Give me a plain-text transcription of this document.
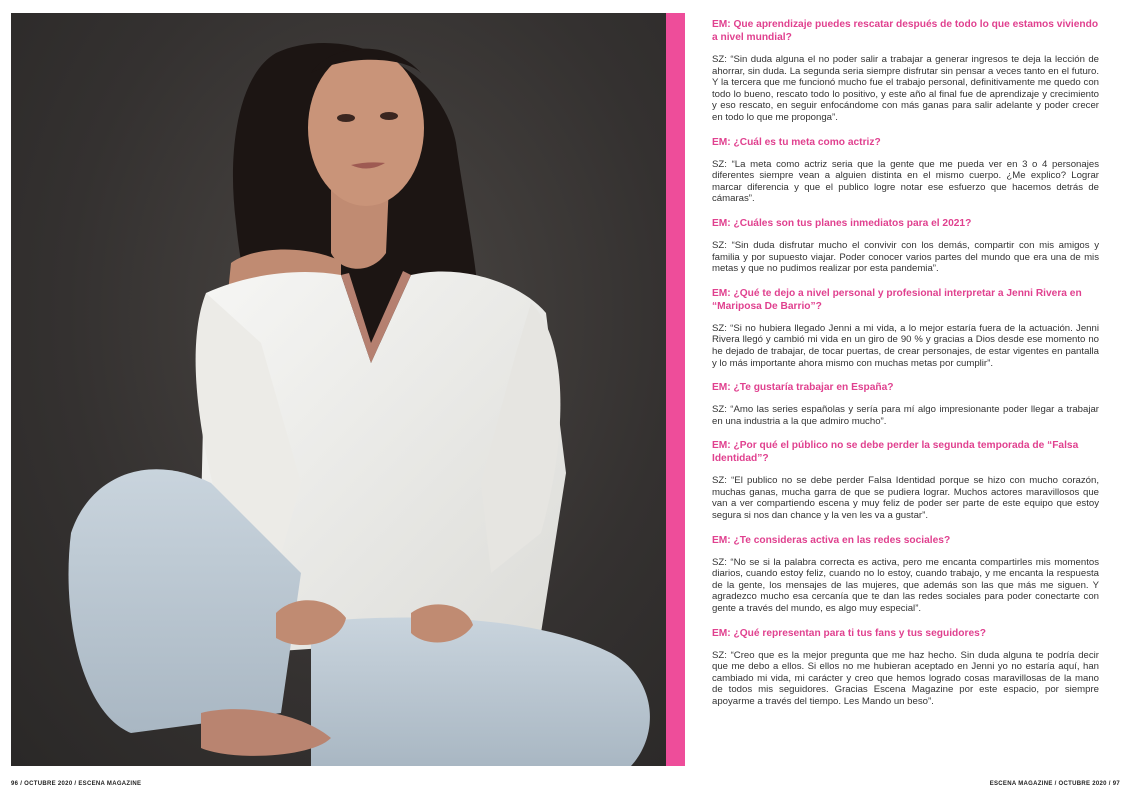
EM: Que aprendizaje puedes rescatar después de todo lo que estamos viviendo a nivel mundial?

SZ: “Sin duda alguna el no poder salir a trabajar a generar ingresos te deja la lección de ahorrar, sin duda. La segunda seria siempre disfrutar sin pensar a veces tanto en el futuro. Y la tercera que me funcionó mucho fue el trabajo personal, definitivamente me quedo con todo lo bueno, rescato todo lo positivo, y este año al final fue de aprendizaje y crecimiento y eso rescato, en seguir enfocándome con más ganas para salir adelante y poder crecer en todo lo que me proponga”.

EM: ¿Cuál es tu meta como actriz?

SZ: “La meta como actriz seria que la gente que me pueda ver en 3 o 4 personajes diferentes siempre vean a alguien distinta en el mismo cuerpo. ¿Me explico? Lograr marcar diferencia y que el publico logre notar ese esfuerzo que hacemos detrás de cámaras”.

EM: ¿Cuáles son tus planes inmediatos para el 2021?

SZ: “Sin duda disfrutar mucho el convivir con los demás, compartir con mis amigos y familia y por supuesto viajar. Poder conocer varios partes del mundo que era una de mis metas y que no pudimos realizar por esta pandemia”.

EM: ¿Qué te dejo a nivel personal y profesional interpretar a Jenni Rivera en “Mariposa De Barrio”?

SZ: “Si no hubiera llegado Jenni a mi vida, a lo mejor estaría fuera de la actuación. Jenni Rivera llegó y cambió mi vida en un giro de 90 % y gracias a Dios desde ese momento no he dejado de trabajar, de tocar puertas, de crear personajes, de estar vigentes en pantalla y lo más importante ahora mismo con muchas metas por cumplir”.

EM: ¿Te gustaría trabajar en España?

SZ: “Amo las series españolas y sería para mí algo impresionante poder llegar a trabajar en una industria a la que admiro mucho”.

EM: ¿Por qué el público no se debe perder la segunda temporada de “Falsa Identidad”?

SZ: “El publico no se debe perder Falsa Identidad porque se hizo con mucho corazón, muchas ganas, mucha garra de que se pudiera lograr. Muchos actores maravillosos que van a ver compartiendo escena y muy feliz de poder ser parte de este equipo que estoy segura si nos dan chance y la ven les va a gustar”.

EM: ¿Te consideras activa en las redes sociales?

SZ: “No se si la palabra correcta es activa, pero me encanta compartirles mis momentos diarios, cuando estoy feliz, cuando no lo estoy, cuando trabajo, y me encanta la respuesta de la gente, los mensajes de las mujeres, que además son las que más me siguen. Y agradezco mucho esa cercanía que te dan las redes sociales para poder conectarte con gente a través del mundo, es algo muy especial”.

EM: ¿Qué representan para ti tus fans y tus seguidores?

SZ: “Creo que es la mejor pregunta que me haz hecho. Sin duda alguna te podría decir que me debo a ellos. Si ellos no me hubieran aceptado en Jenni yo no estaría aquí, han cambiado mi vida, mi carácter y creo que hemos logrado cosas maravillosas de la mano de todos mis seguidores. Gracias Escena Magazine por este espacio, por siempre apoyarme a través del tiempo. Les Mando un beso”.

96 / OCTUBRE 2020 / ESCENA MAGAZINE	ESCENA MAGAZINE / OCTUBRE 2020 / 97
